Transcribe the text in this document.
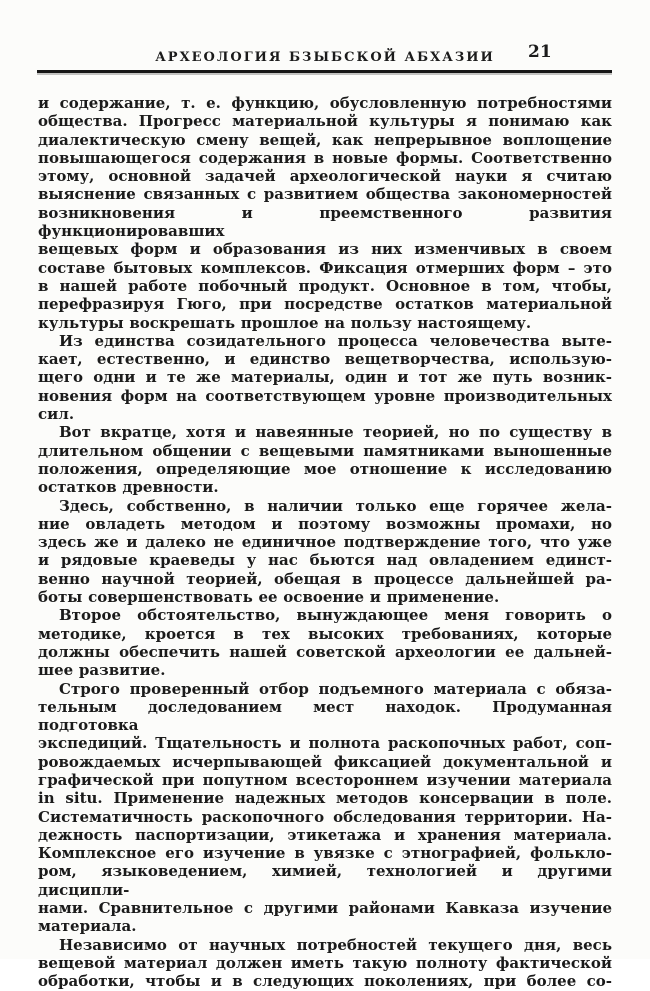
АРХЕОЛОГИЯ БЗЫБСКОЙ АБХАЗИИ	21
и содержание, т. е. функцию, обусловленную потребностями
общества. Прогресс материальной культуры я понимаю как
диалектическую смену вещей, как непрерывное воплощение
повышающегося содержания в новые формы. Соответственно
этому, основной задачей археологической науки я считаю
выяснение связанных с развитием общества закономерностей
возникновения и преемственного развития функционировавших
вещевых форм и образования из них изменчивых в своем
составе бытовых комплексов. Фиксация отмерших форм – это
в нашей работе побочный продукт. Основное в том, чтобы,
перефразируя Гюго, при посредстве остатков материальной
культуры воскрешать прошлое на пользу настоящему.
Из единства созидательного процесса человечества выте-
кает, естественно, и единство вещетворчества, использую-
щего одни и те же материалы, один и тот же путь возник-
новения форм на соответствующем уровне производительных
сил.
Вот вкратце, хотя и навеянные теорией, но по существу в
длительном общении с вещевыми памятниками выношенные
положения, определяющие мое отношение к исследованию
остатков древности.
Здесь, собственно, в наличии только еще горячее жела-
ние овладеть методом и поэтому возможны промахи, но
здесь же и далеко не единичное подтверждение того, что уже
и рядовые краеведы у нас бьются над овладением единст-
венно научной теорией, обещая в процессе дальнейшей ра-
боты совершенствовать ее освоение и применение.
Второе обстоятельство, вынуждающее меня говорить о
методике, кроется в тех высоких требованиях, которые
должны обеспечить нашей советской археологии ее дальней-
шее развитие.
Строго проверенный отбор подъемного материала с обяза-
тельным доследованием мест находок. Продуманная подготовка
экспедиций. Тщательность и полнота раскопочных работ, соп-
ровождаемых исчерпывающей фиксацией документальной и
графической при попутном всестороннем изучении материала
in situ. Применение надежных методов консервации в поле.
Систематичность раскопочного обследования территории. На-
дежность паспортизации, этикетажа и хранения материала.
Комплексное его изучение в увязке с этнографией, фолькло-
ром, языковедением, химией, технологией и другими дисципли-
нами. Сравнительное с другими районами Кавказа изучение
материала.
Независимо от научных потребностей текущего дня, весь
вещевой материал должен иметь такую полноту фактической
обработки, чтобы и в следующих поколениях, при более со-
